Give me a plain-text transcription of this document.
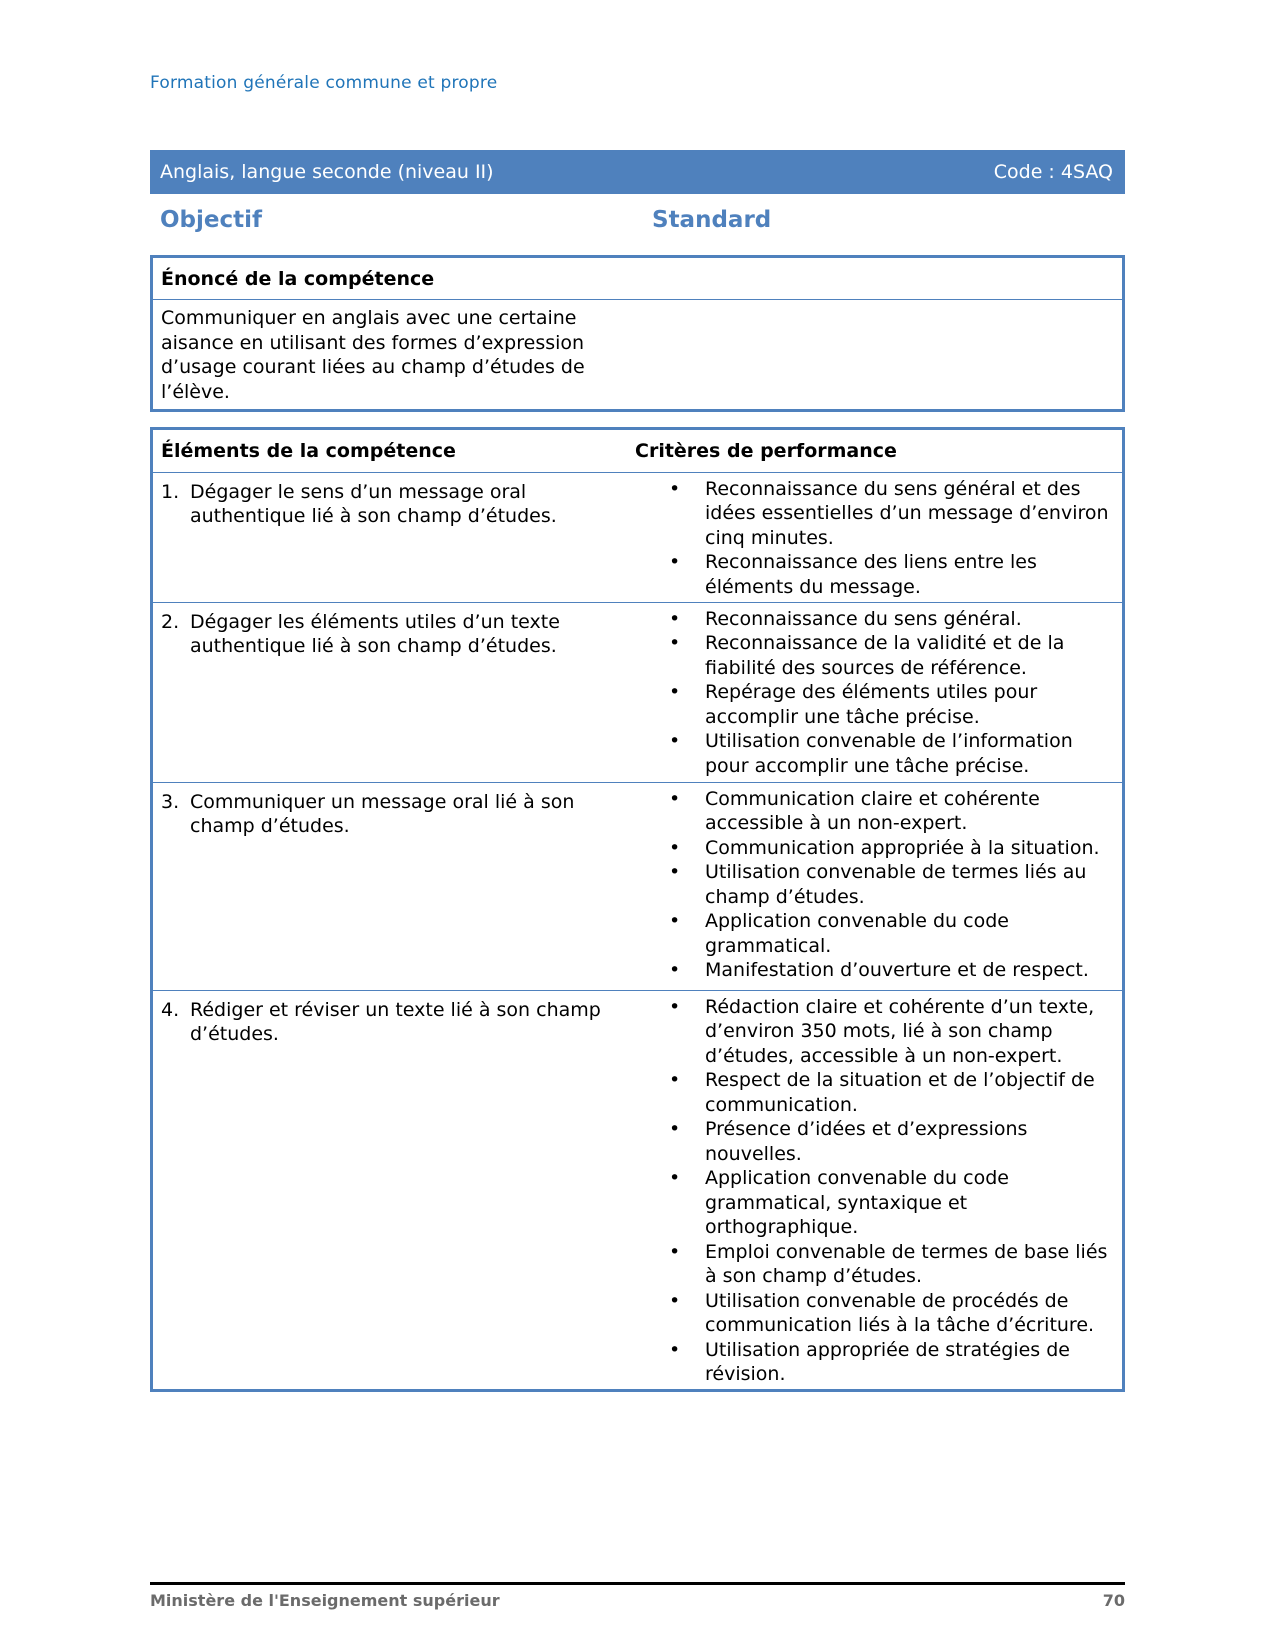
Formation générale commune et propre
Anglais, langue seconde (niveau II)	Code : 4SAQ
Objectif	Standard
Énoncé de la compétence
Communiquer en anglais avec une certaine aisance en utilisant des formes d’expression d’usage courant liées au champ d’études de l’élève.
Éléments de la compétence	Critères de performance

1. Dégager le sens d’un message oral authentique lié à son champ d’études.

•	Reconnaissance du sens général et des idées essentielles d’un message d’environ cinq minutes.
•	Reconnaissance des liens entre les éléments du message.

2. Dégager les éléments utiles d’un texte authentique lié à son champ d’études.

•	Reconnaissance du sens général.
•	Reconnaissance de la validité et de la fiabilité des sources de référence.
•	Repérage des éléments utiles pour accomplir une tâche précise.
•	Utilisation convenable de l’information pour accomplir une tâche précise.

3. Communiquer un message oral lié à son champ d’études.

•	Communication claire et cohérente accessible à un non-expert.
•	Communication appropriée à la situation.
•	Utilisation convenable de termes liés au champ d’études.
•	Application convenable du code grammatical.
•	Manifestation d’ouverture et de respect.

4. Rédiger et réviser un texte lié à son champ d’études.

•	Rédaction claire et cohérente d’un texte, d’environ 350 mots, lié à son champ d’études, accessible à un non-expert.
•	Respect de la situation et de l’objectif de communication.
•	Présence d’idées et d’expressions nouvelles.
•	Application convenable du code grammatical, syntaxique et orthographique.
•	Emploi convenable de termes de base liés à son champ d’études.
•	Utilisation convenable de procédés de communication liés à la tâche d’écriture.
•	Utilisation appropriée de stratégies de révision.
Ministère de l'Enseignement supérieur	70
